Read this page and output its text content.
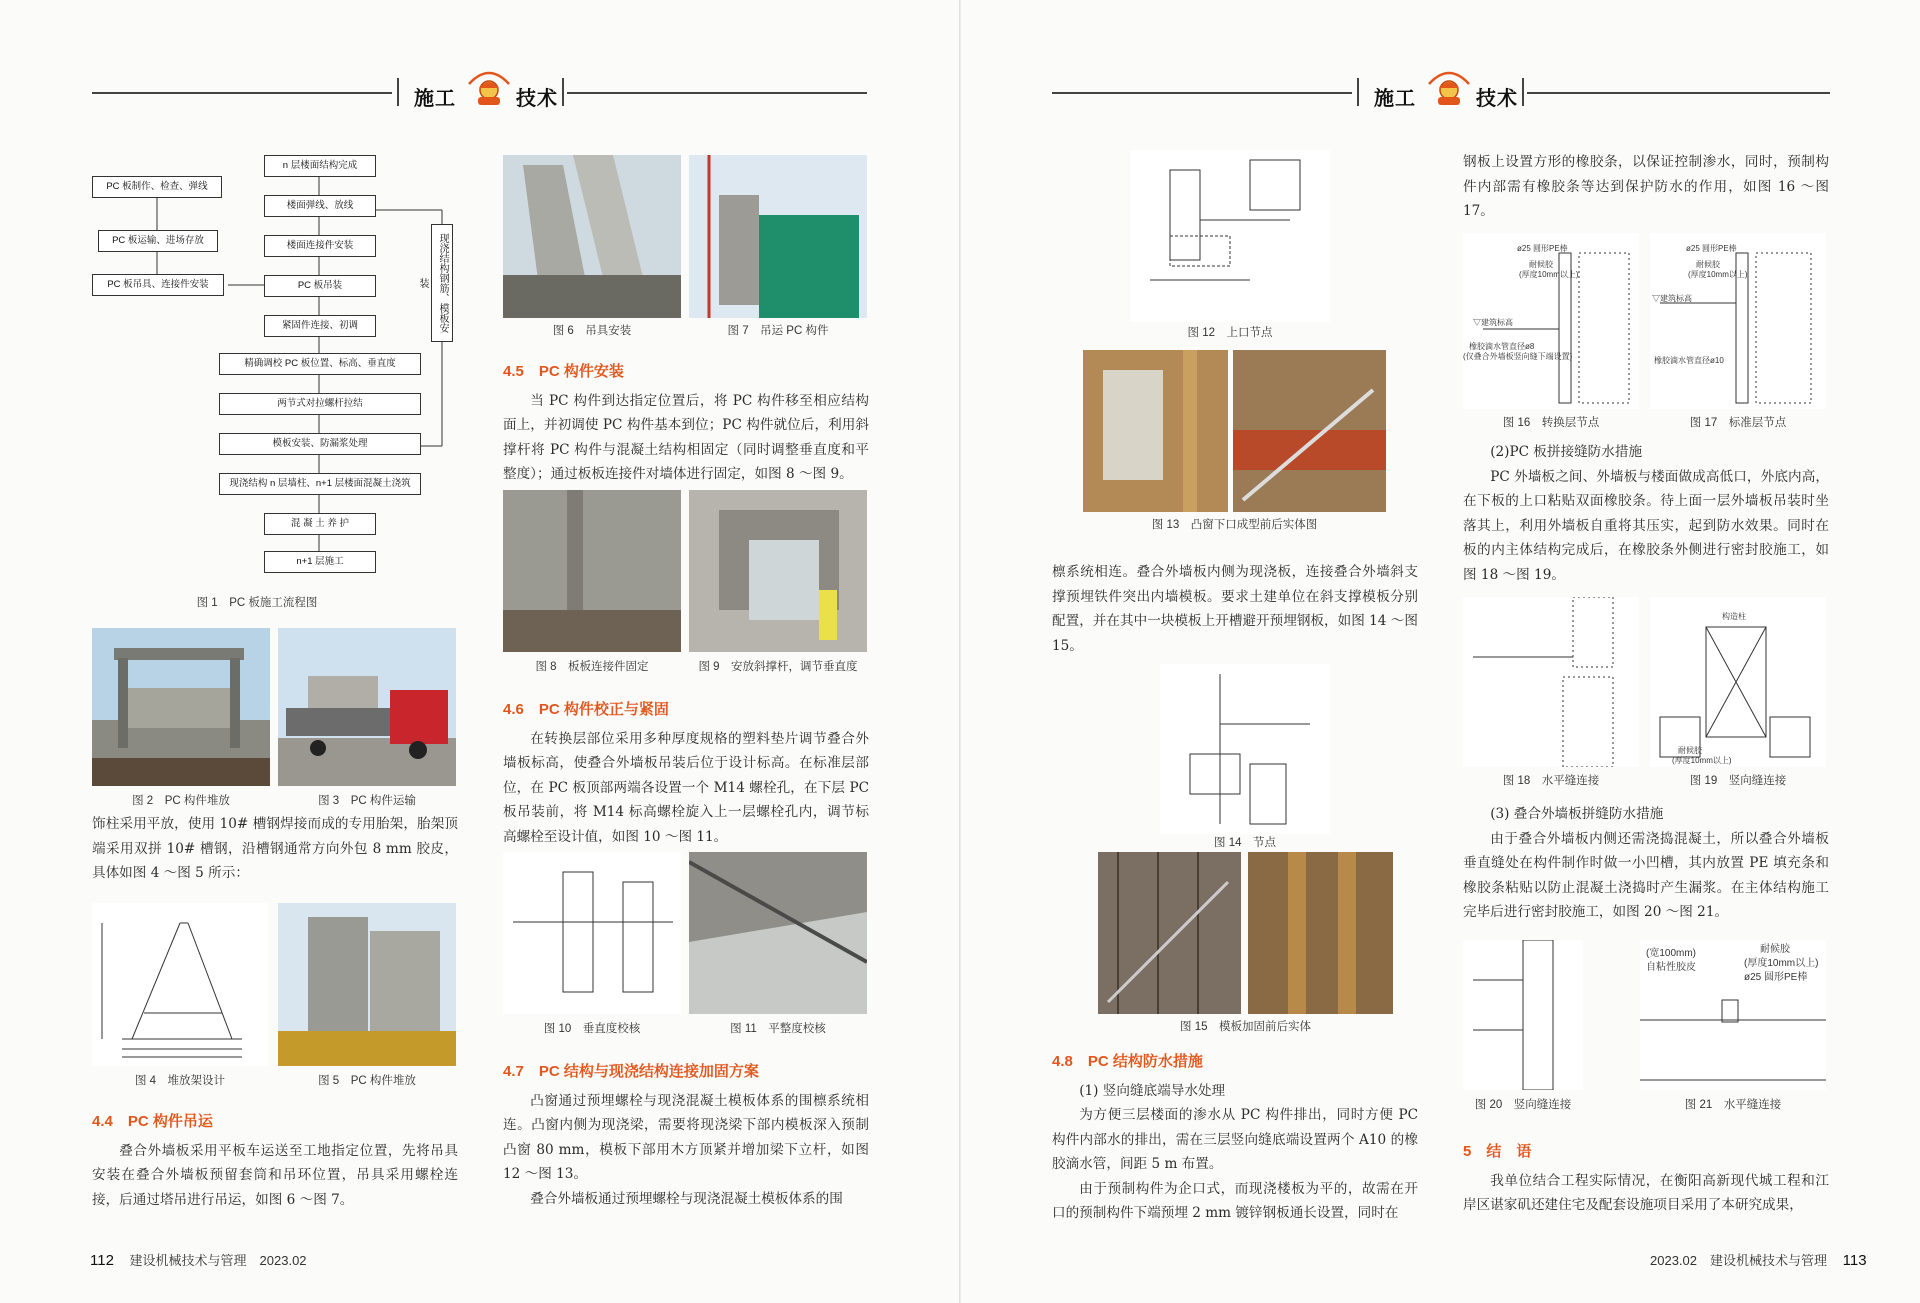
施工	技术	施工	技术
n 层楼面结构完成
楼面弹线、放线
楼面连接件安装
PC 板吊装
紧固件连接、初调
精确调校 PC 板位置、标高、垂直度
两节式对拉螺杆拉结
模板安装、防漏浆处理
现浇结构 n 层墙柱、n+1 层楼面混凝土浇筑
混 凝 土 养 护
n+1 层施工
PC 板制作、检查、弹线
PC 板运输、进场存放
PC 板吊具、连接件安装	现浇结构钢筋、模板安装
图 1　PC 板施工流程图
图 2　PC 构件堆放	图 3　PC 构件运输

饰柱采用平放，使用 10# 槽钢焊接而成的专用胎架，胎架顶端采用双拼 10# 槽钢，沿槽钢通常方向外包 8 mm 胶皮，具体如图 4 ～图 5 所示：

图 4　堆放架设计	图 5　PC 构件堆放
4.4　PC 构件吊运

叠合外墙板采用平板车运送至工地指定位置，先将吊具安装在叠合外墙板预留套筒和吊环位置，吊具采用螺栓连接，后通过塔吊进行吊运，如图 6 ～图 7。

图 6　吊具安装	图 7　吊运 PC 构件
4.5　PC 构件安装

当 PC 构件到达指定位置后，将 PC 构件移至相应结构面上，并初调使 PC 构件基本到位；PC 构件就位后，利用斜撑杆将 PC 构件与混凝土结构相固定（同时调整垂直度和平整度）；通过板板连接件对墙体进行固定，如图 8 ～图 9。

图 8　板板连接件固定	图 9　安放斜撑杆，调节垂直度
4.6　PC 构件校正与紧固

在转换层部位采用多种厚度规格的塑料垫片调节叠合外墙板标高，使叠合外墙板吊装后位于设计标高。在标准层部位，在 PC 板顶部两端各设置一个 M14 螺栓孔，在下层 PC 板吊装前，将 M14 标高螺栓旋入上一层螺栓孔内，调节标高螺栓至设计值，如图 10 ～图 11。

图 10　垂直度校核	图 11　平整度校核
4.7　PC 结构与现浇结构连接加固方案

凸窗通过预埋螺栓与现浇混凝土模板体系的围檩系统相连。凸窗内侧为现浇梁，需要将现浇梁下部内模板深入预制凸窗 80 mm，模板下部用木方顶紧并增加梁下立杆，如图 12 ～图 13。

叠合外墙板通过预埋螺栓与现浇混凝土模板体系的围

112 建设机械技术与管理　2023.02
图 12　上口节点
图 13　凸窗下口成型前后实体图

檩系统相连。叠合外墙板内侧为现浇板，连接叠合外墙斜支撑预埋铁件突出内墙模板。要求土建单位在斜支撑模板分别配置，并在其中一块模板上开槽避开预埋钢板，如图 14 ～图 15。

图 14　节点
图 15　模板加固前后实体
4.8　PC 结构防水措施

(1) 竖向缝底端导水处理

为方便三层楼面的渗水从 PC 构件排出，同时方便 PC 构件内部水的排出，需在三层竖向缝底端设置两个 A10 的橡胶滴水管，间距 5 m 布置。

由于预制构件为企口式，而现浇楼板为平的，故需在开口的预制构件下端预埋 2 mm 镀锌钢板通长设置，同时在

钢板上设置方形的橡胶条，以保证控制渗水，同时，预制构件内部需有橡胶条等达到保护防水的作用，如图 16 ～图 17。

ø25 圆形PE棒
耐候胶
(厚度10mm以上)
▽建筑标高
橡胶滴水管直径ø8
(仅叠合外墙板竖向缝下端设置)
ø25 圆形PE棒
耐候胶
(厚度10mm以上)
▽建筑标高
橡胶滴水管直径ø10
图 16　转换层节点	图 17　标准层节点

(2)PC 板拼接缝防水措施

PC 外墙板之间、外墙板与楼面做成高低口，外底内高，在下板的上口粘贴双面橡胶条。待上面一层外墙板吊装时坐落其上，利用外墙板自重将其压实，起到防水效果。同时在板的内主体结构完成后，在橡胶条外侧进行密封胶施工，如图 18 ～图 19。

构造柱
耐候胶
(厚度10mm以上)
图 18　水平缝连接	图 19　竖向缝连接

(3) 叠合外墙板拼缝防水措施

由于叠合外墙板内侧还需浇捣混凝土，所以叠合外墙板垂直缝处在构件制作时做一小凹槽，其内放置 PE 填充条和橡胶条粘贴以防止混凝土浇捣时产生漏浆。在主体结构施工完毕后进行密封胶施工，如图 20 ～图 21。

(宽100mm)
自粘性胶皮
耐候胶
(厚度10mm以上)
ø25 圆形PE棒
图 20　竖向缝连接	图 21　水平缝连接
5　结　语

我单位结合工程实际情况，在衡阳高新现代城工程和江岸区谌家矶还建住宅及配套设施项目采用了本研究成果，

2023.02　建设机械技术与管理 113
